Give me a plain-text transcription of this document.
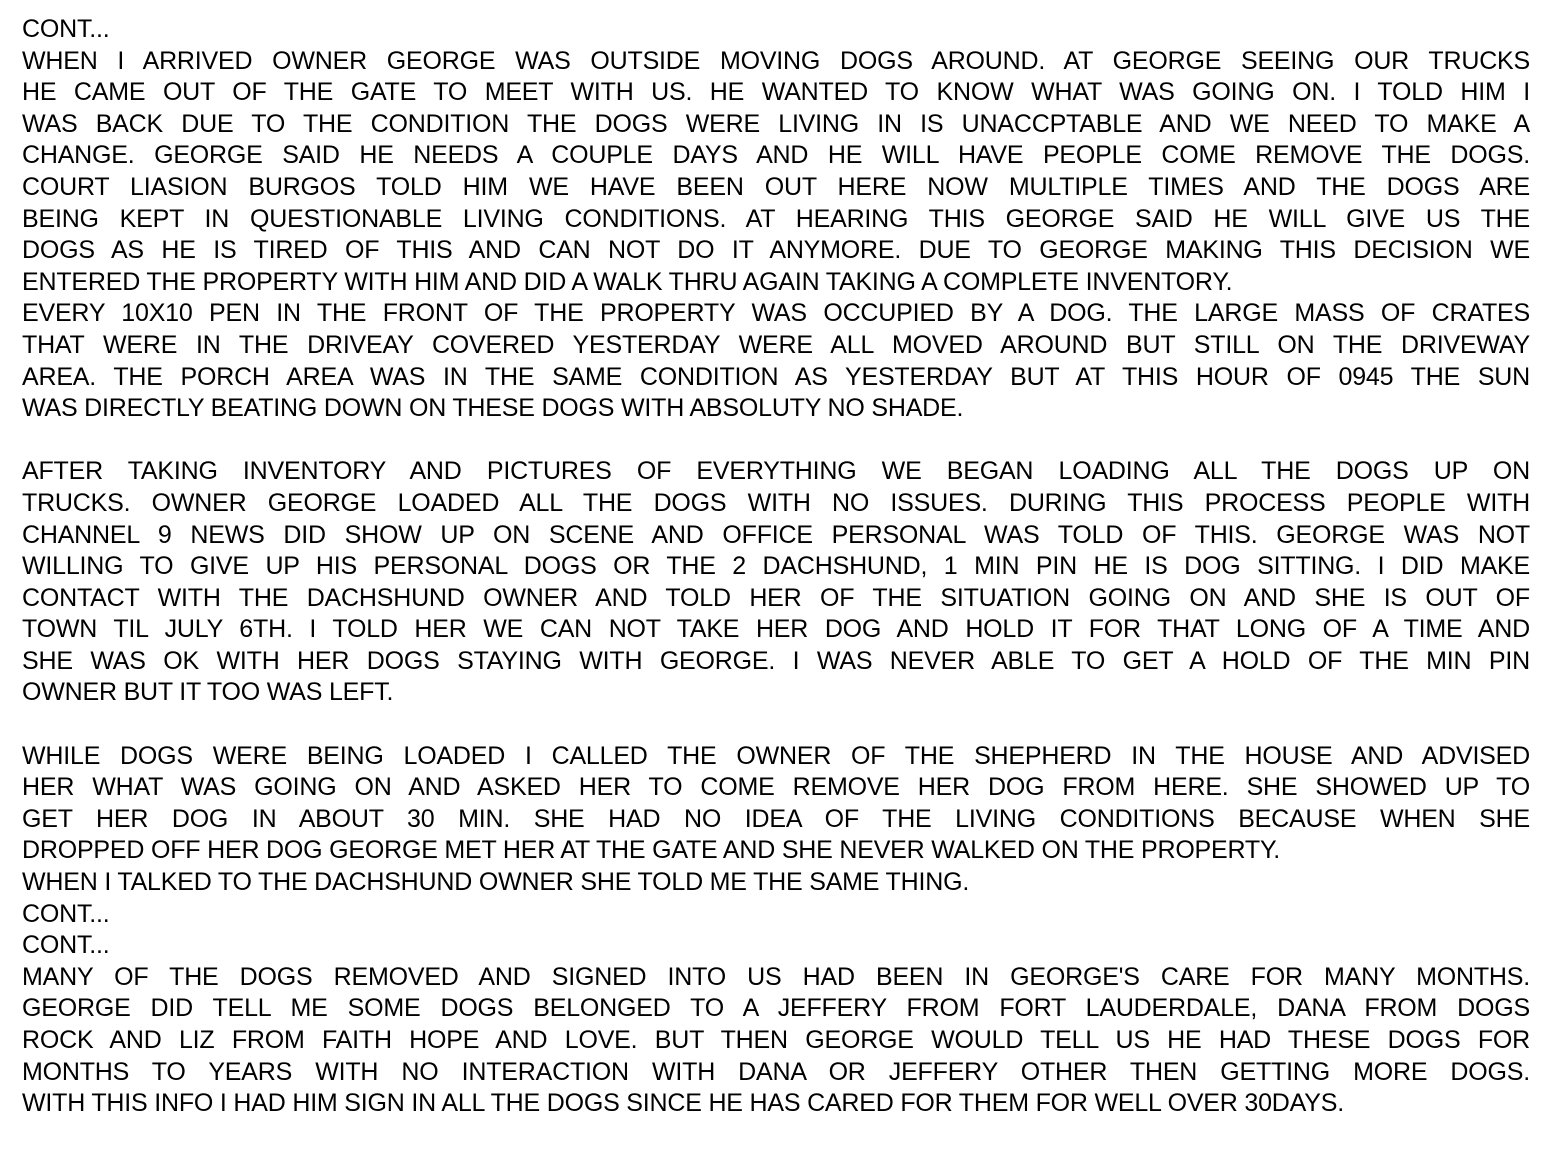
CONT...
WHEN I ARRIVED OWNER GEORGE WAS OUTSIDE MOVING DOGS AROUND. AT GEORGE SEEING OUR TRUCKS
HE CAME OUT OF THE GATE TO MEET WITH US. HE WANTED TO KNOW WHAT WAS GOING ON. I TOLD HIM I
WAS BACK DUE TO THE CONDITION THE DOGS WERE LIVING IN IS UNACCPTABLE AND WE NEED TO MAKE A
CHANGE. GEORGE SAID HE NEEDS A COUPLE DAYS AND HE WILL HAVE PEOPLE COME REMOVE THE DOGS.
COURT LIASION BURGOS TOLD HIM WE HAVE BEEN OUT HERE NOW MULTIPLE TIMES AND THE DOGS ARE
BEING KEPT IN QUESTIONABLE LIVING CONDITIONS. AT HEARING THIS GEORGE SAID HE WILL GIVE US THE
DOGS AS HE IS TIRED OF THIS AND CAN NOT DO IT ANYMORE. DUE TO GEORGE MAKING THIS DECISION WE
ENTERED THE PROPERTY WITH HIM AND DID A WALK THRU AGAIN TAKING A COMPLETE INVENTORY.
EVERY 10X10 PEN IN THE FRONT OF THE PROPERTY WAS OCCUPIED BY A DOG. THE LARGE MASS OF CRATES
THAT WERE IN THE DRIVEAY COVERED YESTERDAY WERE ALL MOVED AROUND BUT STILL ON THE DRIVEWAY
AREA. THE PORCH AREA WAS IN THE SAME CONDITION AS YESTERDAY BUT AT THIS HOUR OF 0945 THE SUN
WAS DIRECTLY BEATING DOWN ON THESE DOGS WITH ABSOLUTY NO SHADE.
AFTER TAKING INVENTORY AND PICTURES OF EVERYTHING WE BEGAN LOADING ALL THE DOGS UP ON
TRUCKS. OWNER GEORGE LOADED ALL THE DOGS WITH NO ISSUES. DURING THIS PROCESS PEOPLE WITH
CHANNEL 9 NEWS DID SHOW UP ON SCENE AND OFFICE PERSONAL WAS TOLD OF THIS. GEORGE WAS NOT
WILLING TO GIVE UP HIS PERSONAL DOGS OR THE 2 DACHSHUND, 1 MIN PIN HE IS DOG SITTING. I DID MAKE
CONTACT WITH THE DACHSHUND OWNER AND TOLD HER OF THE SITUATION GOING ON AND SHE IS OUT OF
TOWN TIL JULY 6TH. I TOLD HER WE CAN NOT TAKE HER DOG AND HOLD IT FOR THAT LONG OF A TIME AND
SHE WAS OK WITH HER DOGS STAYING WITH GEORGE. I WAS NEVER ABLE TO GET A HOLD OF THE MIN PIN
OWNER BUT IT TOO WAS LEFT.
WHILE DOGS WERE BEING LOADED I CALLED THE OWNER OF THE SHEPHERD IN THE HOUSE AND ADVISED
HER WHAT WAS GOING ON AND ASKED HER TO COME REMOVE HER DOG FROM HERE. SHE SHOWED UP TO
GET HER DOG IN ABOUT 30 MIN. SHE HAD NO IDEA OF THE LIVING CONDITIONS BECAUSE WHEN SHE
DROPPED OFF HER DOG GEORGE MET HER AT THE GATE AND SHE NEVER WALKED ON THE PROPERTY.
WHEN I TALKED TO THE DACHSHUND OWNER SHE TOLD ME THE SAME THING.
CONT...
CONT...
MANY OF THE DOGS REMOVED AND SIGNED INTO US HAD BEEN IN GEORGE'S CARE FOR MANY MONTHS.
GEORGE DID TELL ME SOME DOGS BELONGED TO A JEFFERY FROM FORT LAUDERDALE, DANA FROM DOGS
ROCK AND LIZ FROM FAITH HOPE AND LOVE. BUT THEN GEORGE WOULD TELL US HE HAD THESE DOGS FOR
MONTHS TO YEARS WITH NO INTERACTION WITH DANA OR JEFFERY OTHER THEN GETTING MORE DOGS.
WITH THIS INFO I HAD HIM SIGN IN ALL THE DOGS SINCE HE HAS CARED FOR THEM FOR WELL OVER 30DAYS.
